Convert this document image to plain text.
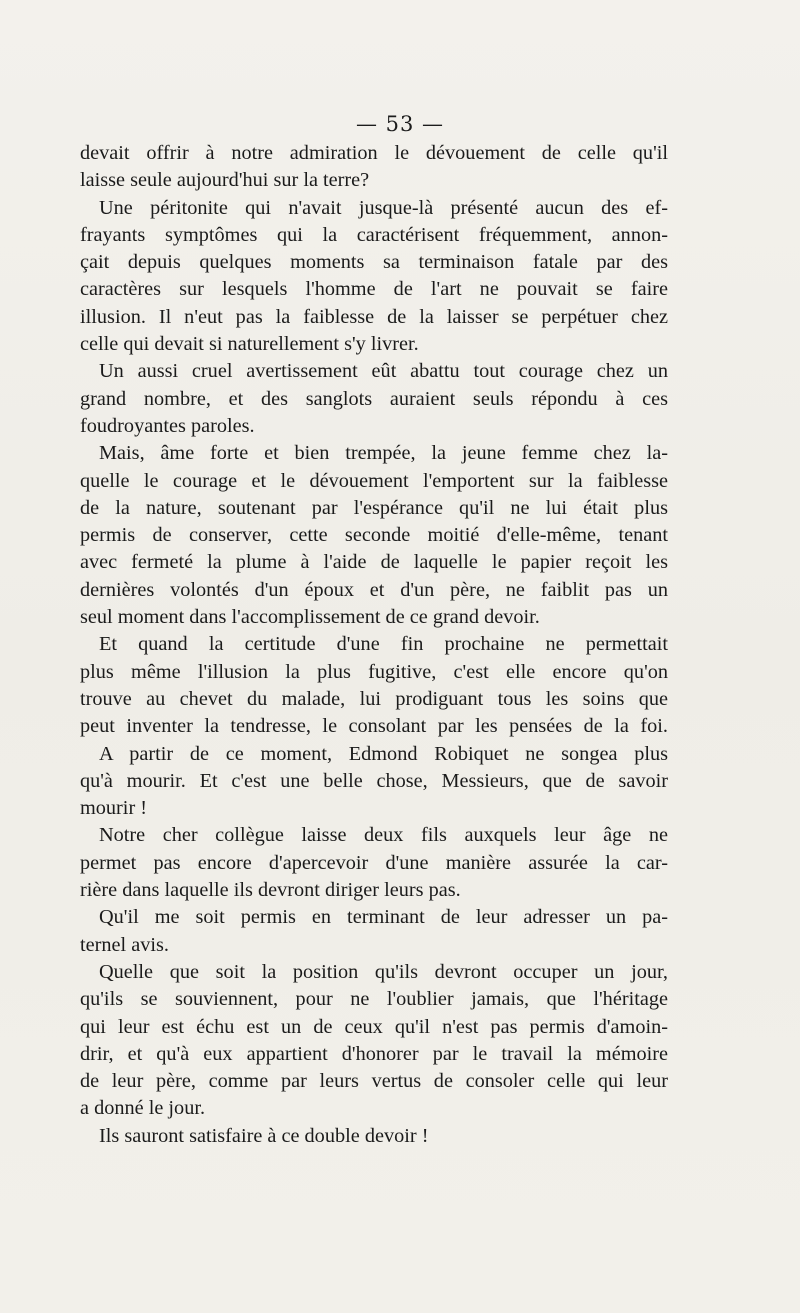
— 53 —
devait offrir à notre admiration le dévouement de celle qu'il
laisse seule aujourd'hui sur la terre?
Une péritonite qui n'avait jusque-là présenté aucun des ef-
frayants symptômes qui la caractérisent fréquemment, annon-
çait depuis quelques moments sa terminaison fatale par des
caractères sur lesquels l'homme de l'art ne pouvait se faire
illusion. Il n'eut pas la faiblesse de la laisser se perpétuer chez
celle qui devait si naturellement s'y livrer.
Un aussi cruel avertissement eût abattu tout courage chez un
grand nombre, et des sanglots auraient seuls répondu à ces
foudroyantes paroles.
Mais, âme forte et bien trempée, la jeune femme chez la-
quelle le courage et le dévouement l'emportent sur la faiblesse
de la nature, soutenant par l'espérance qu'il ne lui était plus
permis de conserver, cette seconde moitié d'elle-même, tenant
avec fermeté la plume à l'aide de laquelle le papier reçoit les
dernières volontés d'un époux et d'un père, ne faiblit pas un
seul moment dans l'accomplissement de ce grand devoir.
Et quand la certitude d'une fin prochaine ne permettait
plus même l'illusion la plus fugitive, c'est elle encore qu'on
trouve au chevet du malade, lui prodiguant tous les soins que
peut inventer la tendresse, le consolant par les pensées de la foi.
A partir de ce moment, Edmond Robiquet ne songea plus
qu'à mourir. Et c'est une belle chose, Messieurs, que de savoir
mourir !
Notre cher collègue laisse deux fils auxquels leur âge ne
permet pas encore d'apercevoir d'une manière assurée la car-
rière dans laquelle ils devront diriger leurs pas.
Qu'il me soit permis en terminant de leur adresser un pa-
ternel avis.
Quelle que soit la position qu'ils devront occuper un jour,
qu'ils se souviennent, pour ne l'oublier jamais, que l'héritage
qui leur est échu est un de ceux qu'il n'est pas permis d'amoin-
drir, et qu'à eux appartient d'honorer par le travail la mémoire
de leur père, comme par leurs vertus de consoler celle qui leur
a donné le jour.
Ils sauront satisfaire à ce double devoir !
